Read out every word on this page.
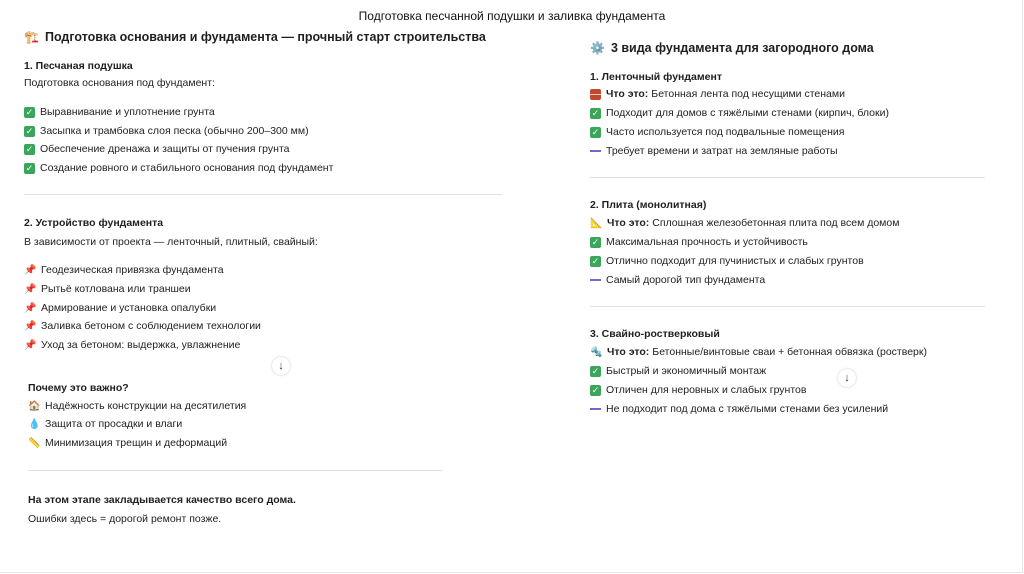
Подготовка песчанной подушки и заливка фундамента
🏗️ Подготовка основания и фундамента — прочный старт строительства
1. Песчаная подушка
Подготовка основания под фундамент:
✓ Выравнивание и уплотнение грунта
✓ Засыпка и трамбовка слоя песка (обычно 200–300 мм)
✓ Обеспечение дренажа и защиты от пучения грунта
✓ Создание ровного и стабильного основания под фундамент
2. Устройство фундамента
В зависимости от проекта — ленточный, плитный, свайный:
📌 Геодезическая привязка фундамента
📌 Рытьё котлована или траншеи
📌 Армирование и установка опалубки
📌 Заливка бетоном с соблюдением технологии
📌 Уход за бетоном: выдержка, увлажнение
↓
Почему это важно?
🏠 Надёжность конструкции на десятилетия
💧 Защита от просадки и влаги
📏 Минимизация трещин и деформаций
На этом этапе закладывается качество всего дома.
Ошибки здесь = дорогой ремонт позже.
⚙️ 3 вида фундамента для загородного дома
1. Ленточный фундамент
Что это: Бетонная лента под несущими стенами
✓ Подходит для домов с тяжёлыми стенами (кирпич, блоки)
✓ Часто используется под подвальные помещения
Требует времени и затрат на земляные работы
2. Плита (монолитная)
📐 Что это: Сплошная железобетонная плита под всем домом
✓ Максимальная прочность и устойчивость
✓ Отлично подходит для пучинистых и слабых грунтов
Самый дорогой тип фундамента
3. Свайно-ростверковый
🔩 Что это: Бетонные/винтовые сваи + бетонная обвязка (ростверк)
✓ Быстрый и экономичный монтаж
✓ Отличен для неровных и слабых грунтов
Не подходит под дома с тяжёлыми стенами без усилений
↓
